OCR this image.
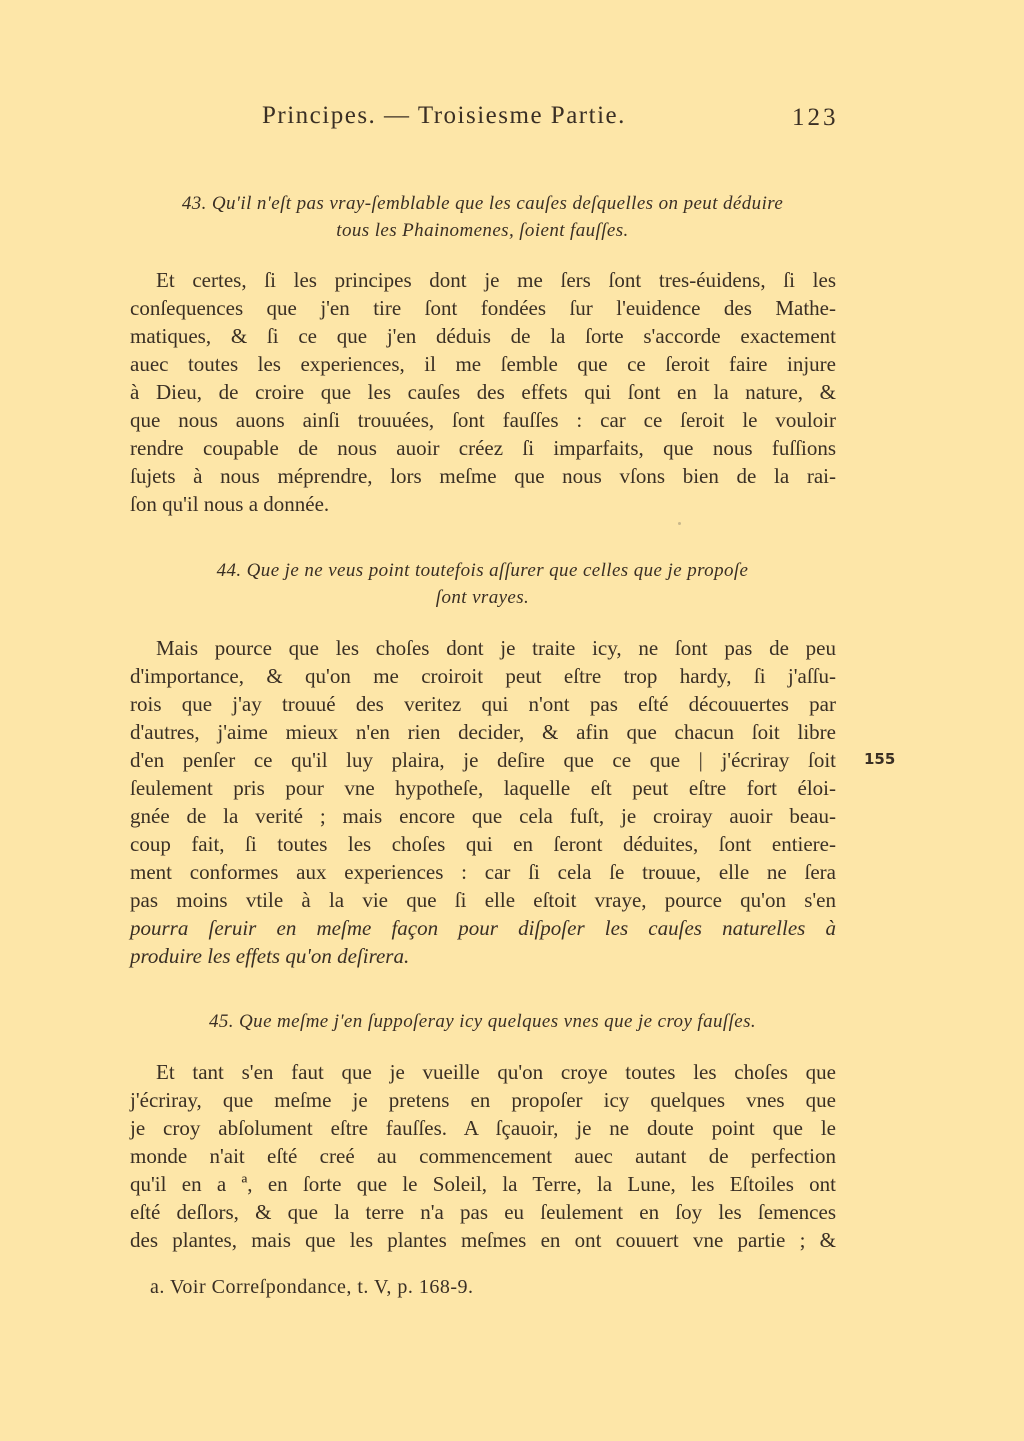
Principes. — Troisiesme Partie.	123
43. Qu'il n'eſt pas vray-ſemblable que les cauſes deſquelles on peut déduire
tous les Phainomenes, ſoient fauſſes.
Et certes, ſi les principes dont je me ſers ſont tres-éuidens, ſi les
conſequences que j'en tire ſont fondées ſur l'euidence des Mathe-
matiques, & ſi ce que j'en déduis de la ſorte s'accorde exactement
auec toutes les experiences, il me ſemble que ce ſeroit faire injure
à Dieu, de croire que les cauſes des effets qui ſont en la nature, &
que nous auons ainſi trouuées, ſont fauſſes : car ce ſeroit le vouloir
rendre coupable de nous auoir créez ſi imparfaits, que nous fuſſions
ſujets à nous méprendre, lors meſme que nous vſons bien de la rai-
ſon qu'il nous a donnée.
44. Que je ne veus point toutefois aſſurer que celles que je propoſe
ſont vrayes.
Mais pource que les choſes dont je traite icy, ne ſont pas de peu
d'importance, & qu'on me croiroit peut eſtre trop hardy, ſi j'aſſu-
rois que j'ay trouué des veritez qui n'ont pas eſté découuertes par
d'autres, j'aime mieux n'en rien decider, & afin que chacun ſoit libre
d'en penſer ce qu'il luy plaira, je deſire que ce que | j'écriray ſoit
ſeulement pris pour vne hypotheſe, laquelle eſt peut eſtre fort éloi-
gnée de la verité ; mais encore que cela fuſt, je croiray auoir beau-
coup fait, ſi toutes les choſes qui en ſeront déduites, ſont entiere-
ment conformes aux experiences : car ſi cela ſe trouue, elle ne ſera
pas moins vtile à la vie que ſi elle eſtoit vraye, pource qu'on s'en
pourra ſeruir en meſme façon pour diſpoſer les cauſes naturelles à
produire les effets qu'on deſirera.
155
45. Que meſme j'en ſuppoſeray icy quelques vnes que je croy fauſſes.
Et tant s'en faut que je vueille qu'on croye toutes les choſes que
j'écriray, que meſme je pretens en propoſer icy quelques vnes que
je croy abſolument eſtre fauſſes. A ſçauoir, je ne doute point que le
monde n'ait eſté creé au commencement auec autant de perfection
qu'il en a ª, en ſorte que le Soleil, la Terre, la Lune, les Eſtoiles ont
eſté deſlors, & que la terre n'a pas eu ſeulement en ſoy les ſemences
des plantes, mais que les plantes meſmes en ont couuert vne partie ; &
a. Voir Correſpondance, t. V, p. 168-9.
